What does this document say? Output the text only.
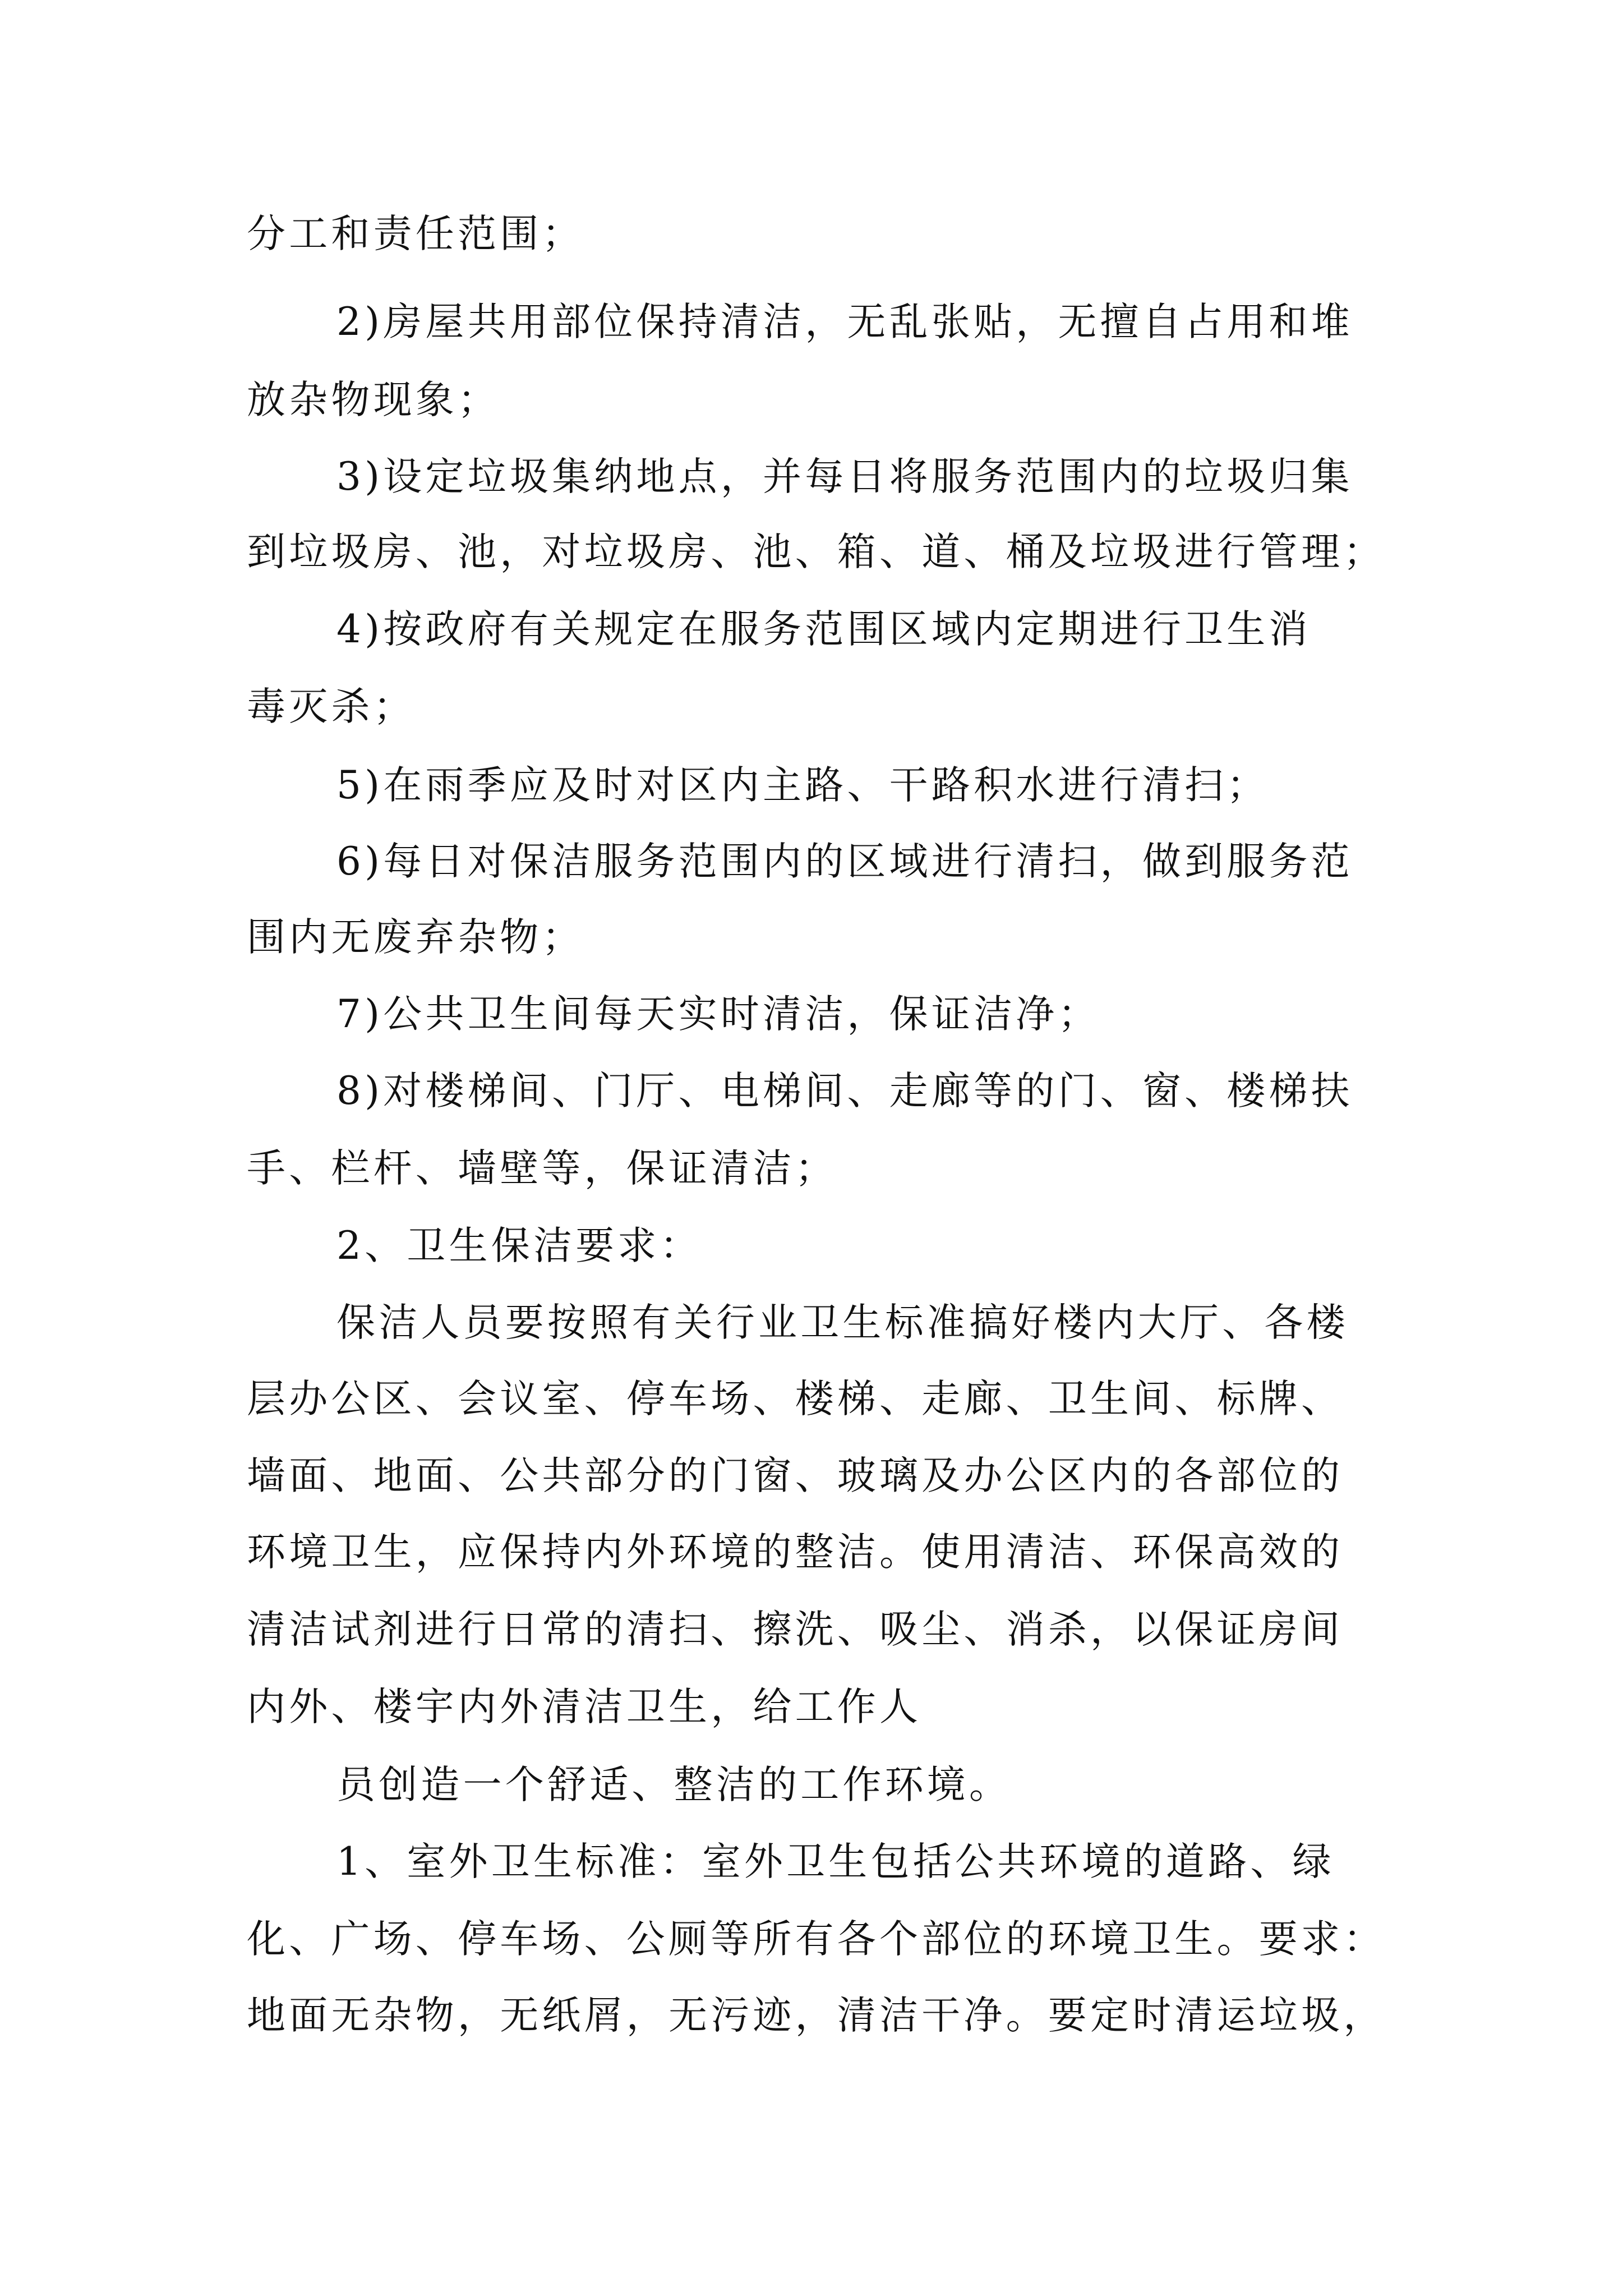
分工和责任范围；
2)房屋共用部位保持清洁，无乱张贴，无擅自占用和堆
放杂物现象；
3)设定垃圾集纳地点，并每日将服务范围内的垃圾归集
到垃圾房、池，对垃圾房、池、箱、道、桶及垃圾进行管理；
4)按政府有关规定在服务范围区域内定期进行卫生消
毒灭杀；
5)在雨季应及时对区内主路、干路积水进行清扫；
6)每日对保洁服务范围内的区域进行清扫，做到服务范
围内无废弃杂物；
7)公共卫生间每天实时清洁，保证洁净；
8)对楼梯间、门厅、电梯间、走廊等的门、窗、楼梯扶
手、栏杆、墙壁等，保证清洁；
2、卫生保洁要求：
保洁人员要按照有关行业卫生标准搞好楼内大厅、各楼
层办公区、会议室、停车场、楼梯、走廊、卫生间、标牌、
墙面、地面、公共部分的门窗、玻璃及办公区内的各部位的
环境卫生，应保持内外环境的整洁。使用清洁、环保高效的
清洁试剂进行日常的清扫、擦洗、吸尘、消杀，以保证房间
内外、楼宇内外清洁卫生，给工作人
员创造一个舒适、整洁的工作环境。
1、室外卫生标准：室外卫生包括公共环境的道路、绿
化、广场、停车场、公厕等所有各个部位的环境卫生。要求：
地面无杂物，无纸屑，无污迹，清洁干净。要定时清运垃圾，
